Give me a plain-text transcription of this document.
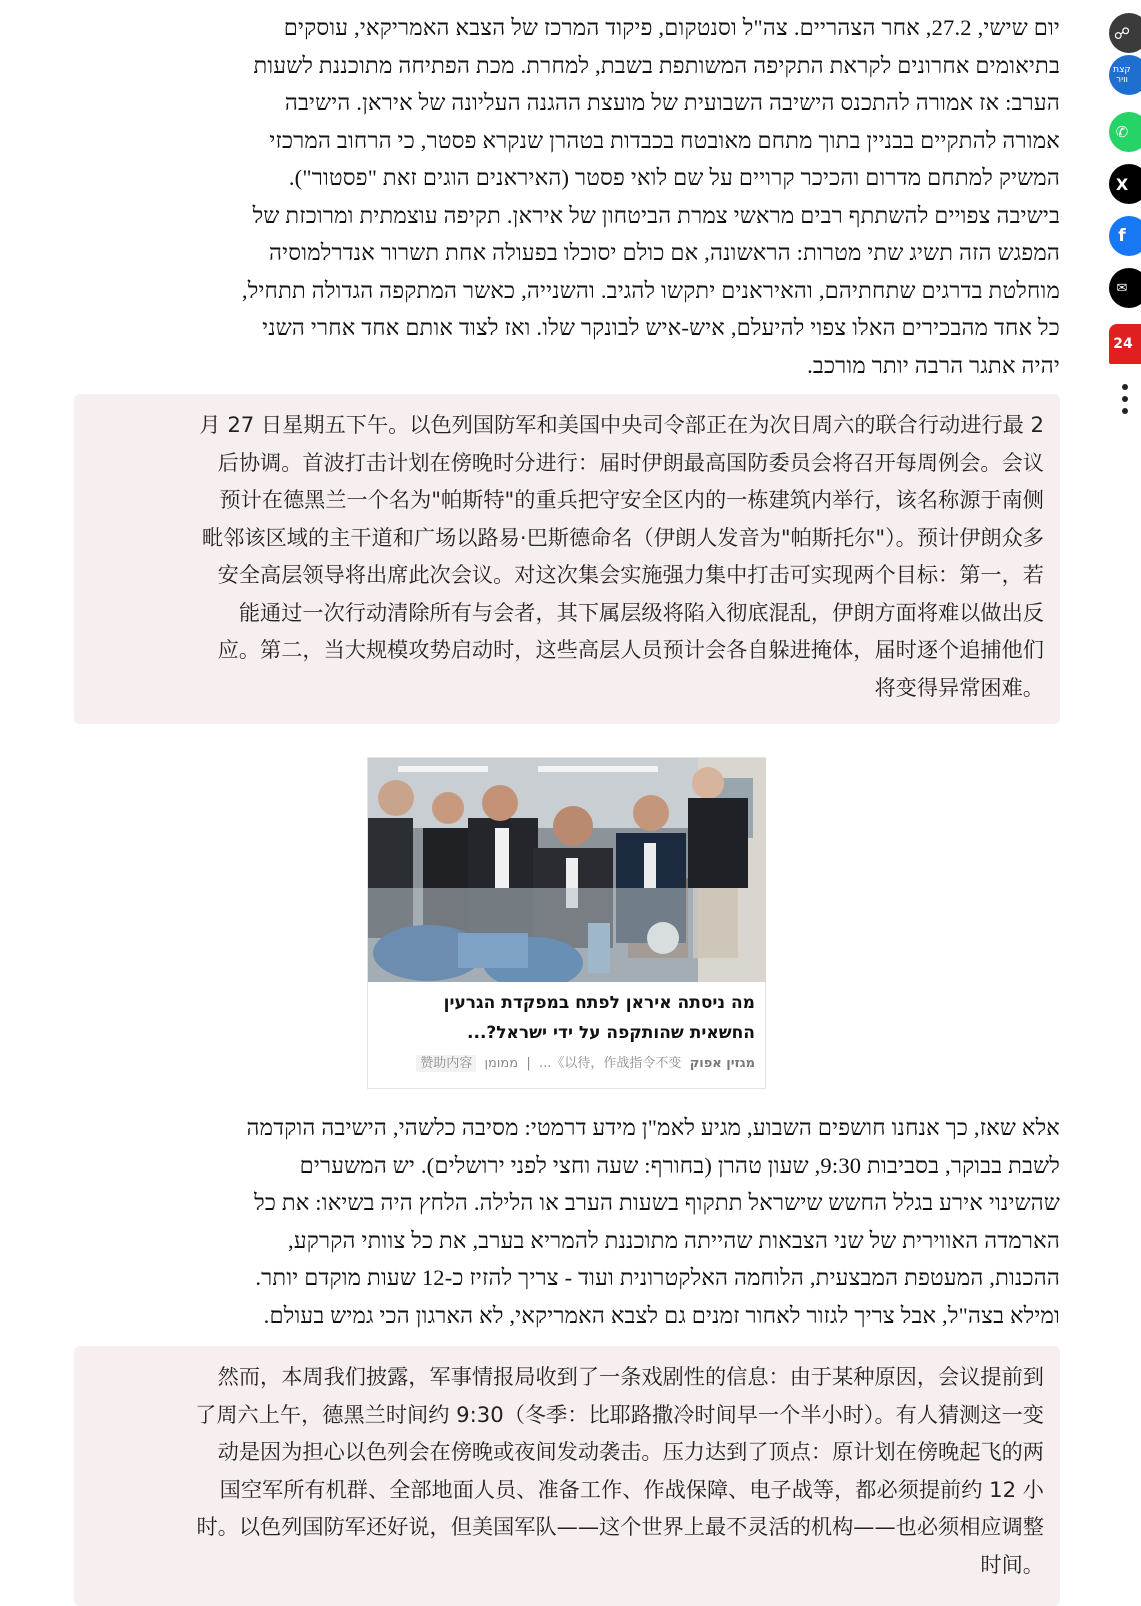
יום שישי, 27.2, אחר הצהריים. צה"ל וסנטקום, פיקוד המרכז של הצבא האמריקאי, עוסקים
בתיאומים אחרונים לקראת התקיפה המשותפת בשבת, למחרת. מכת הפתיחה מתוכננת לשעות
הערב: אז אמורה להתכנס הישיבה השבועית של מועצת ההגנה העליונה של איראן. הישיבה
אמורה להתקיים בבניין בתוך מתחם מאובטח בכבדות בטהרן שנקרא פסטר, כי הרחוב המרכזי
המשיק למתחם מדרום והכיכר קרויים על שם לואי פסטר (האיראנים הוגים זאת "פסטור").
בישיבה צפויים להשתתף רבים מראשי צמרת הביטחון של איראן. תקיפה עוצמתית ומרוכזת של
המפגש הזה תשיג שתי מטרות: הראשונה, אם כולם יסוכלו בפעולה אחת תשרור אנדרלמוסיה
מוחלטת בדרגים שתחתיהם, והאיראנים יתקשו להגיב. והשנייה, כאשר המתקפה הגדולה תתחיל,
כל אחד מהבכירים האלו צפוי להיעלם, איש-איש לבונקר שלו. ואז לצוד אותם אחד אחרי השני
יהיה אתגר הרבה יותר מורכב.
月 27 日星期五下午。以色列国防军和美国中央司令部正在为次日周六的联合行动进行最 2
后协调。首波打击计划在傍晚时分进行：届时伊朗最高国防委员会将召开每周例会。会议
预计在德黑兰一个名为"帕斯特"的重兵把守安全区内的一栋建筑内举行，该名称源于南侧
毗邻该区域的主干道和广场以路易·巴斯德命名（伊朗人发音为"帕斯托尔"）。预计伊朗众多
安全高层领导将出席此次会议。对这次集会实施强力集中打击可实现两个目标：第一，若
能通过一次行动清除所有与会者，其下属层级将陷入彻底混乱，伊朗方面将难以做出反
应。第二，当大规模攻势启动时，这些高层人员预计会各自躲进掩体，届时逐个追捕他们
。将变得异常困难
מה ניסתה איראן לפתח במפקדת הגרעין
החשאית שהותקפה על ידי ישראל?...
מגזין אפוק  以待，作战指令不变》...  |  ממומן  赞助内容
אלא שאז, כך אנחנו חושפים השבוע, מגיע לאמ"ן מידע דרמטי: מסיבה כלשהי, הישיבה הוקדמה
לשבת בבוקר, בסביבות 9:30, שעון טהרן (בחורף: שעה וחצי לפני ירושלים). יש המשערים
שהשינוי אירע בגלל החשש שישראל תתקוף בשעות הערב או הלילה. הלחץ היה בשיאו: את כל
הארמדה האווירית של שני הצבאות שהייתה מתוכננת להמריא בערב, את כל צוותי הקרקע,
ההכנות, המעטפת המבצעית, הלוחמה האלקטרונית ועוד - צריך להזיז כ-12 שעות מוקדם יותר.
ומילא בצה"ל, אבל צריך לגזור לאחור זמנים גם לצבא האמריקאי, לא הארגון הכי גמיש בעולם.
然而，本周我们披露，军事情报局收到了一条戏剧性的信息：由于某种原因，会议提前到
了周六上午，德黑兰时间约 9:30（冬季：比耶路撒冷时间早一个半小时）。有人猜测这一变
动是因为担心以色列会在傍晚或夜间发动袭击。压力达到了顶点：原计划在傍晚起飞的两
国空军所有机群、全部地面人员、准备工作、作战保障、电子战等，都必须提前约 12 小
时。以色列国防军还好说，但美国军队——这个世界上最不灵活的机构——也必须相应调整
。时间
☍
קצת וויר
✆
X
f
✉
24
